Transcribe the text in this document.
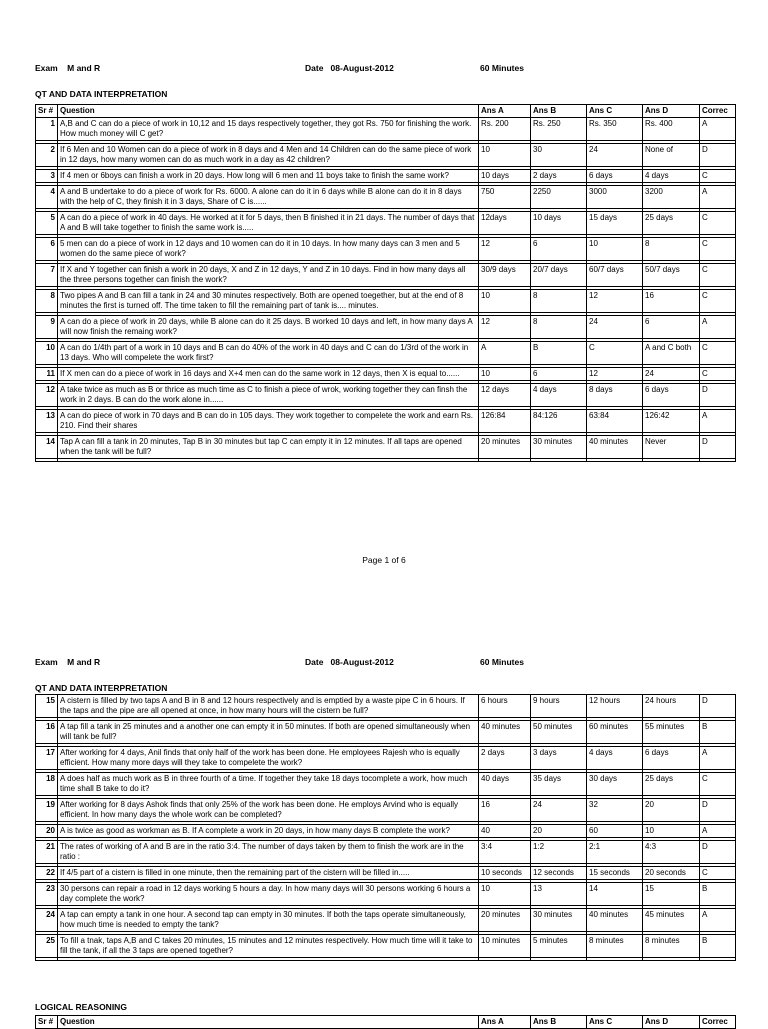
Exam M and R	Date 08-August-2012	60 Minutes
QT AND DATA INTERPRETATION
Sr #	Question	Ans A	Ans B	Ans C	Ans D	Correc
1	A,B and C can do a piece of work in 10,12 and 15 days respectively together, they got Rs. 750 for finishing the work. How much money will C get?	Rs. 200	Rs. 250	Rs. 350	Rs. 400	A

2	If 6 Men and 10 Women can do a piece of work in 8 days and 4 Men and 14 Children can do the same piece of work in 12 days, how many women can do as much work in a day as 42 children?	10	30	24	None of	D

3	If 4 men or 6boys can finish a work in 20 days. How long will 6 men and 11 boys take to finish the same work?	10 days	2 days	6 days	4 days	C

4	A and B undertake to do a piece of work for Rs. 6000. A alone can do it in 6 days while B alone can do it in 8 days with the help of C, they finish it in 3 days, Share of C is......	750	2250	3000	3200	A

5	A can do a piece of work in 40 days. He worked at it for 5 days, then B finished it in 21 days. The number of days that A and B will take together to finish the same work is.....	12days	10 days	15 days	25 days	C

6	5 men can do a piece of work in 12 days and 10 women can do it in 10 days. In how many days can 3 men and 5 women do the same piece of work?	12	6	10	8	C

7	If X and Y together can finish a work in 20 days, X and Z in 12 days, Y and Z in 10 days. Find in how many days all the three persons together can finish the work?	30/9 days	20/7 days	60/7 days	50/7 days	C

8	Two pipes A and B can fill a tank in 24 and 30 minutes respectively. Both are opened toegether, but at the end of 8 minutes the first is turned off. The time taken to fill the remaining part of tank is.... minutes.	10	8	12	16	C

9	A can do a piece of work in 20 days, while B alone can do it 25 days. B worked 10 days and left, in how many days A will now finish the remaing work?	12	8	24	6	A

10	A can do 1/4th part of a work in 10 days and B can do 40% of the work in 40 days and C can do 1/3rd of the work in 13 days. Who will compelete the work first?	A	B	C	A and C both	C

11	If X men can do a piece of work in 16 days and X+4 men can do the same work in 12 days, then X is equal to......	10	6	12	24	C

12	A take twice as much as B or thrice as much time as C to finish a piece of wrok, working together they can finsh the work in 2 days. B can do the work alone in......	12 days	4 days	8 days	6 days	D

13	A can do piece of work in 70 days and B can do in 105 days. They work together to compelete the work and earn Rs. 210. Find their shares	126:84	84:126	63:84	126:42	A

14	Tap A can fill a tank in 20 minutes, Tap B in 30 minutes but tap C can empty it in 12 minutes. If all taps are opened when the tank will be full?	20 minutes	30 minutes	40 minutes	Never	D

Page 1 of 6
Exam M and R	Date 08-August-2012	60 Minutes
QT AND DATA INTERPRETATION
15	A cistern is filled by two taps A and B in 8 and 12 hours respectively and is emptied by a waste pipe C in 6 hours. If the taps and the pipe are all opened at once, in how many hours will the cistern be full?	6 hours	9 hours	12 hours	24 hours	D

16	A tap fill a tank in 25 minutes and a another one can empty it in 50 minutes. If both are opened simultaneously when will tank be full?	40 minutes	50 minutes	60 minutes	55 minutes	B

17	After working for 4 days, Anil finds that only half of the work has been done. He employees Rajesh who is equally efficient. How many more days will they take to compelete the work?	2 days	3 days	4 days	6 days	A

18	A does half as much work as B in three fourth of a time. If together they take 18 days tocomplete a work, how much time shall B take to do it?	40 days	35 days	30 days	25 days	C

19	After working for 8 days Ashok finds that only 25% of the work has been done. He employs Arvind who is equally efficient. In how many days the whole work can be completed?	16	24	32	20	D

20	A is twice as good as workman as B. If A complete a work in 20 days, in how many days B complete the work?	40	20	60	10	A

21	The rates of working of A and B are in the ratio 3:4. The number of days taken by them to finish the work are in the ratio :	3:4	1:2	2:1	4:3	D

22	If 4/5 part of a cistern is filled in one minute, then the remaining part of the cistern will be filled in.....	10 seconds	12 seconds	15 seconds	20 seconds	C

23	30 persons can repair a road in 12 days working 5 hours a day. In how many days will 30 persons working 6 hours a day complete the work?	10	13	14	15	B

24	A tap can empty a tank in one hour. A second tap can empty in 30 minutes. If both the taps operate simultaneously, how much time is needed to empty the tank?	20 minutes	30 minutes	40 minutes	45 minutes	A

25	To fill a tnak, taps A,B and C takes 20 minutes, 15 minutes and 12 minutes respectively. How much time will it take to fill the tank, if all the 3 taps are opened together?	10 minutes	5 minutes	8 minutes	8 minutes	B

LOGICAL REASONING
Sr #	Question	Ans A	Ans B	Ans C	Ans D	Correc
